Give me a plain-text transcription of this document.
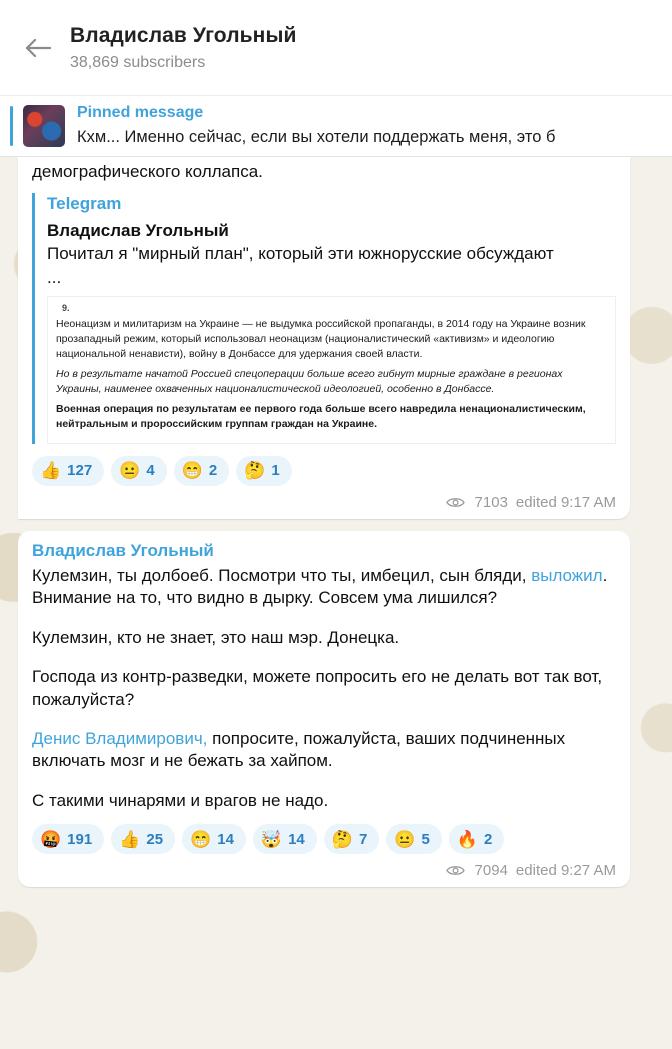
Владислав Угольный
38,869 subscribers
Pinned message
Кхм... Именно сейчас, если вы хотели поддержать меня, это б
демографического коллапса.
Telegram
Владислав Угольный
Почитал я "мирный план", который эти южнорусские обсуждают
...
9.
Неонацизм и милитаризм на Украине — не выдумка российской пропаганды, в 2014 году на Украине возник прозападный режим, который использовал неонацизм (националистический «активизм» и идеологию национальной ненависти), войну в Донбассе для удержания своей власти.
Но в результате начатой Россией спецоперации больше всего гибнут мирные граждане в регионах Украины, наименее охваченных националистической идеологией, особенно в Донбассе.
Военная операция по результатам ее первого года больше всего навредила ненационалистическим, нейтральным и пророссийским группам граждан на Украине.
👍 127 😐 4 😁 2 🤔 1
7103 edited 9:17 AM
Владислав Угольный
Кулемзин, ты долбоеб. Посмотри что ты, имбецил, сын бляди, выложил. Внимание на то, что видно в дырку. Совсем ума лишился?
Кулемзин, кто не знает, это наш мэр. Донецка.
Господа из контр-разведки, можете попросить его не делать вот так вот, пожалуйста?
Денис Владимирович, попросите, пожалуйста, ваших подчиненных включать мозг и не бежать за хайпом.
С такими чинарями и врагов не надо.
🤬 191 👍 25 😁 14 🤯 14 🤔 7 😐 5 🔥 2
7094 edited 9:27 AM
